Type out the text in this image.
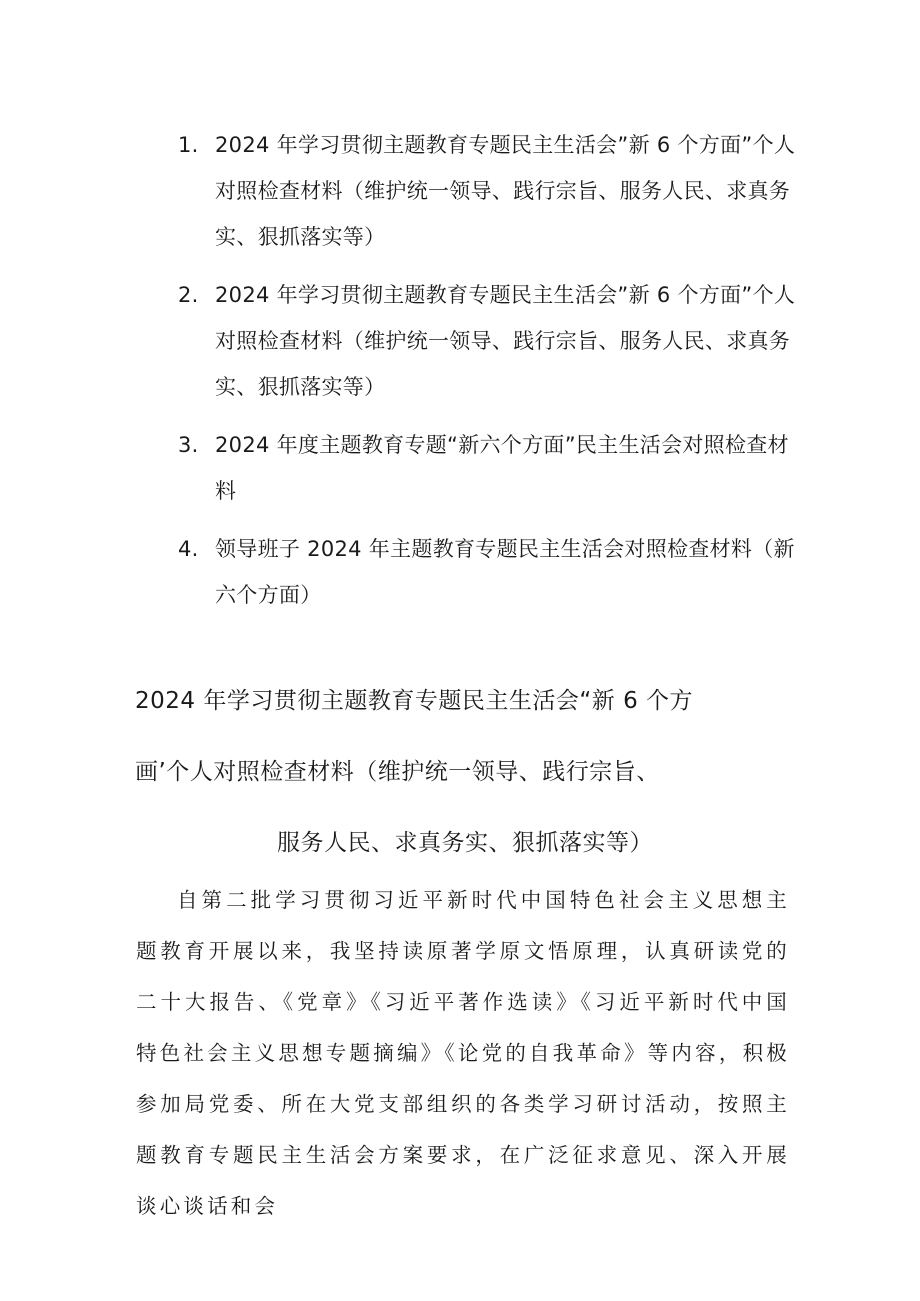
1. 2024 年学习贯彻主题教育专题民主生活会”新 6 个方面”个人对照检查材料（维护统一领导、践行宗旨、服务人民、求真务实、狠抓落实等）
2. 2024 年学习贯彻主题教育专题民主生活会”新 6 个方面”个人对照检查材料（维护统一领导、践行宗旨、服务人民、求真务实、狠抓落实等）
3. 2024 年度主题教育专题“新六个方面”民主生活会对照检查材料
4. 领导班子 2024 年主题教育专题民主生活会对照检查材料（新六个方面）
2024 年学习贯彻主题教育专题民主生活会“新 6 个方
画’个人对照检查材料（维护统一领导、践行宗旨、
服务人民、求真务实、狠抓落实等）

自第二批学习贯彻习近平新时代中国特色社会主义思想主题教育开展以来，我坚持读原著学原文悟原理，认真研读党的二十大报告、《党章》《习近平著作选读》《习近平新时代中国特色社会主义思想专题摘编》《论党的自我革命》等内容，积极参加局党委、所在大党支部组织的各类学习研讨活动，按照主题教育专题民主生活会方案要求，在广泛征求意见、深入开展谈心谈话和会
